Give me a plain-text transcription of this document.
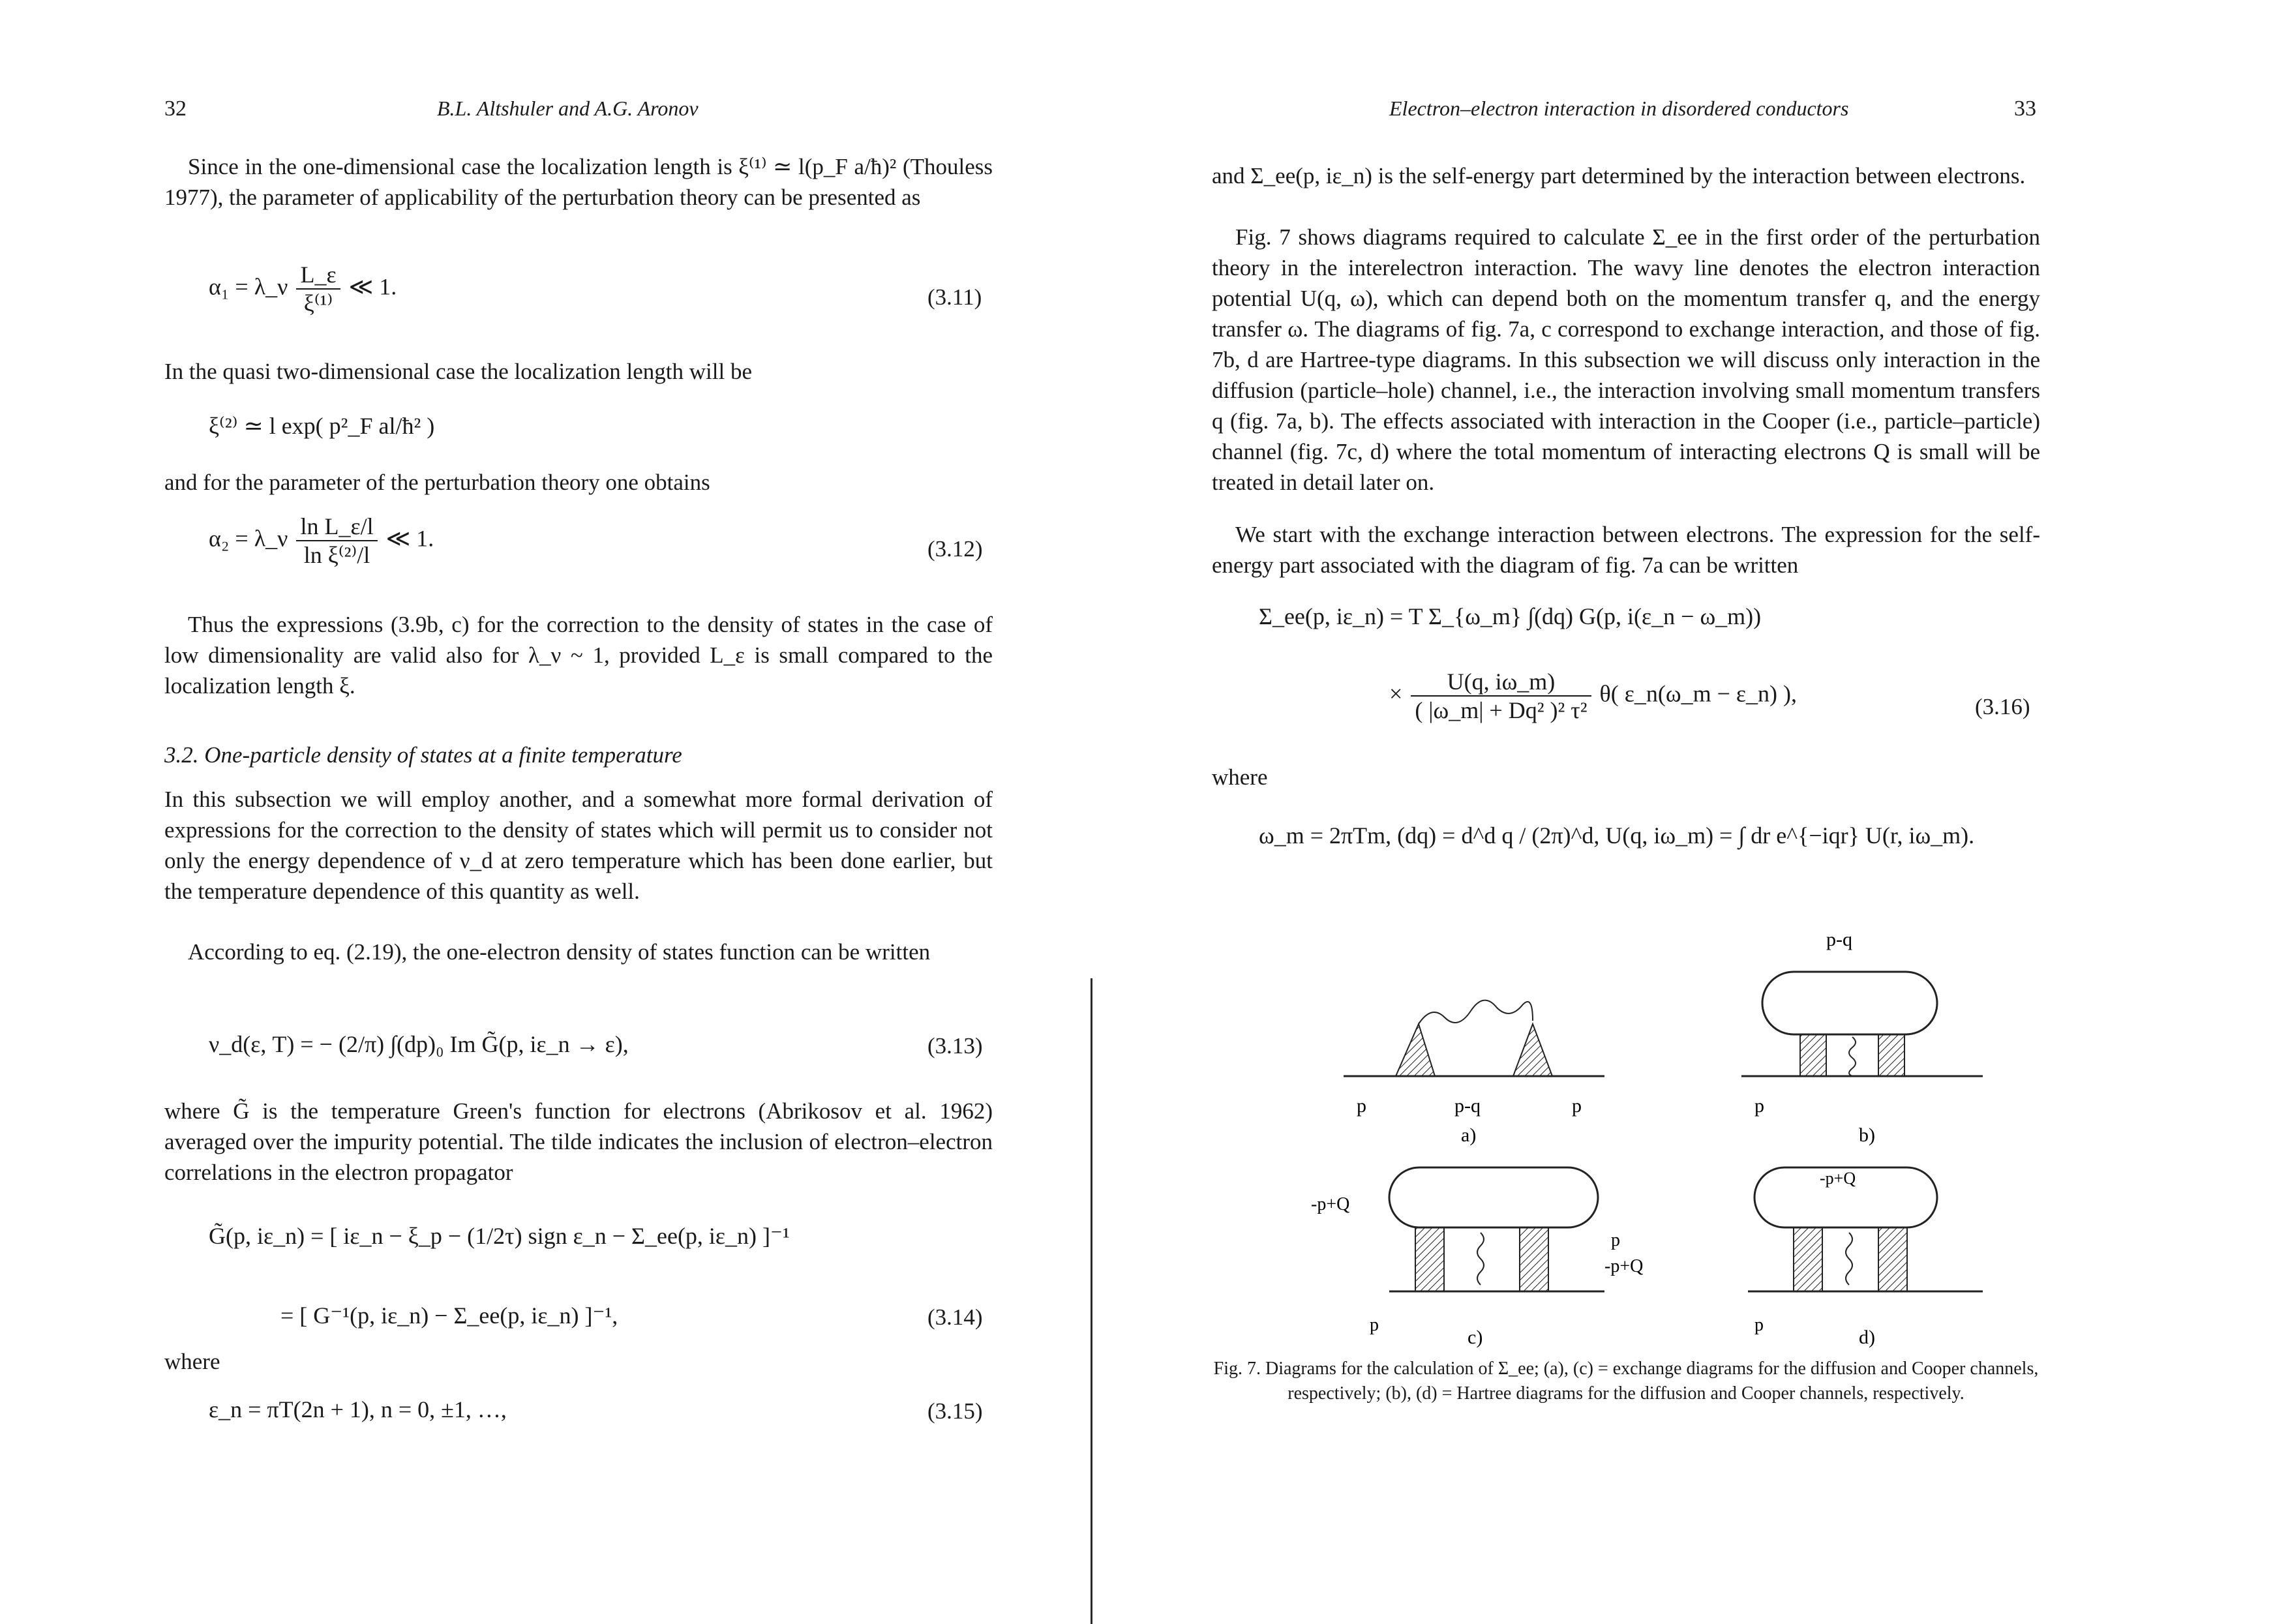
32	B.L. Altshuler and A.G. Aronov

Since in the one-dimensional case the localization length is ξ⁽¹⁾ ≃ l(p_F a/ħ)² (Thouless 1977), the parameter of applicability of the perturbation theory can be presented as

α₁ = λ_ν $\frac{L\_\varepsilon}{\text{ξ⁽¹⁾}}$ ≪ 1.	(3.11)

In the quasi two-dimensional case the localization length will be

ξ⁽²⁾ ≃ l exp( p²_F al/ħ² )

and for the parameter of the perturbation theory one obtains

α₂ = λ_ν $\frac{\text{ln L\_ε/l}}{\text{ln ξ⁽²⁾/l}}$ ≪ 1.	(3.12)

Thus the expressions (3.9b, c) for the correction to the density of states in the case of low dimensionality are valid also for λ_ν ~ 1, provided L_ε is small compared to the localization length ξ.

3.2. One-particle density of states at a finite temperature

In this subsection we will employ another, and a somewhat more formal derivation of expressions for the correction to the density of states which will permit us to consider not only the energy dependence of ν_d at zero temperature which has been done earlier, but the temperature dependence of this quantity as well.

According to eq. (2.19), the one-electron density of states function can be written

ν_d(ε, T) = − (2/π) ∫(dp)₀ Im G̃(p, iε_n → ε),	(3.13)

where G̃ is the temperature Green's function for electrons (Abrikosov et al. 1962) averaged over the impurity potential. The tilde indicates the inclusion of electron–electron correlations in the electron propagator

G̃(p, iε_n) = [ iε_n − ξ_p − (1/2τ) sign ε_n − Σ_ee(p, iε_n) ]⁻¹
= [ G⁻¹(p, iε_n) − Σ_ee(p, iε_n) ]⁻¹,	(3.14)
where
ε_n = πT(2n + 1), n = 0, ±1, …,	(3.15)
Electron–electron interaction in disordered conductors	33

and Σ_ee(p, iε_n) is the self-energy part determined by the interaction between electrons.

Fig. 7 shows diagrams required to calculate Σ_ee in the first order of the perturbation theory in the interelectron interaction. The wavy line denotes the electron interaction potential U(q, ω), which can depend both on the momentum transfer q, and the energy transfer ω. The diagrams of fig. 7a, c correspond to exchange interaction, and those of fig. 7b, d are Hartree-type diagrams. In this subsection we will discuss only interaction in the diffusion (particle–hole) channel, i.e., the interaction involving small momentum transfers q (fig. 7a, b). The effects associated with interaction in the Cooper (i.e., particle–particle) channel (fig. 7c, d) where the total momentum of interacting electrons Q is small will be treated in detail later on.

We start with the exchange interaction between electrons. The expression for the self-energy part associated with the diagram of fig. 7a can be written

Σ_ee(p, iε_n) = T Σ_{ω_m} ∫(dq) G(p, i(ε_n − ω_m))
× $\frac{U(q, i\omega\_m)}{\text{( |ω\_m| + Dq² )² τ²}} \theta$( ε_n(ω_m − ε_n) ),
(3.16)
where
ω_m = 2πTm, (dq) = d^d q / (2π)^d, U(q, iω_m) = ∫ dr e^{−iqr} U(r, iω_m).
p	p-q	p
a)
p-q
p
b)
-p+Q
p
-p+Q
p
c)
-p+Q
p
d)
Fig. 7. Diagrams for the calculation of Σ_ee; (a), (c) = exchange diagrams for the diffusion and Cooper channels, respectively; (b), (d) = Hartree diagrams for the diffusion and Cooper channels, respectively.
